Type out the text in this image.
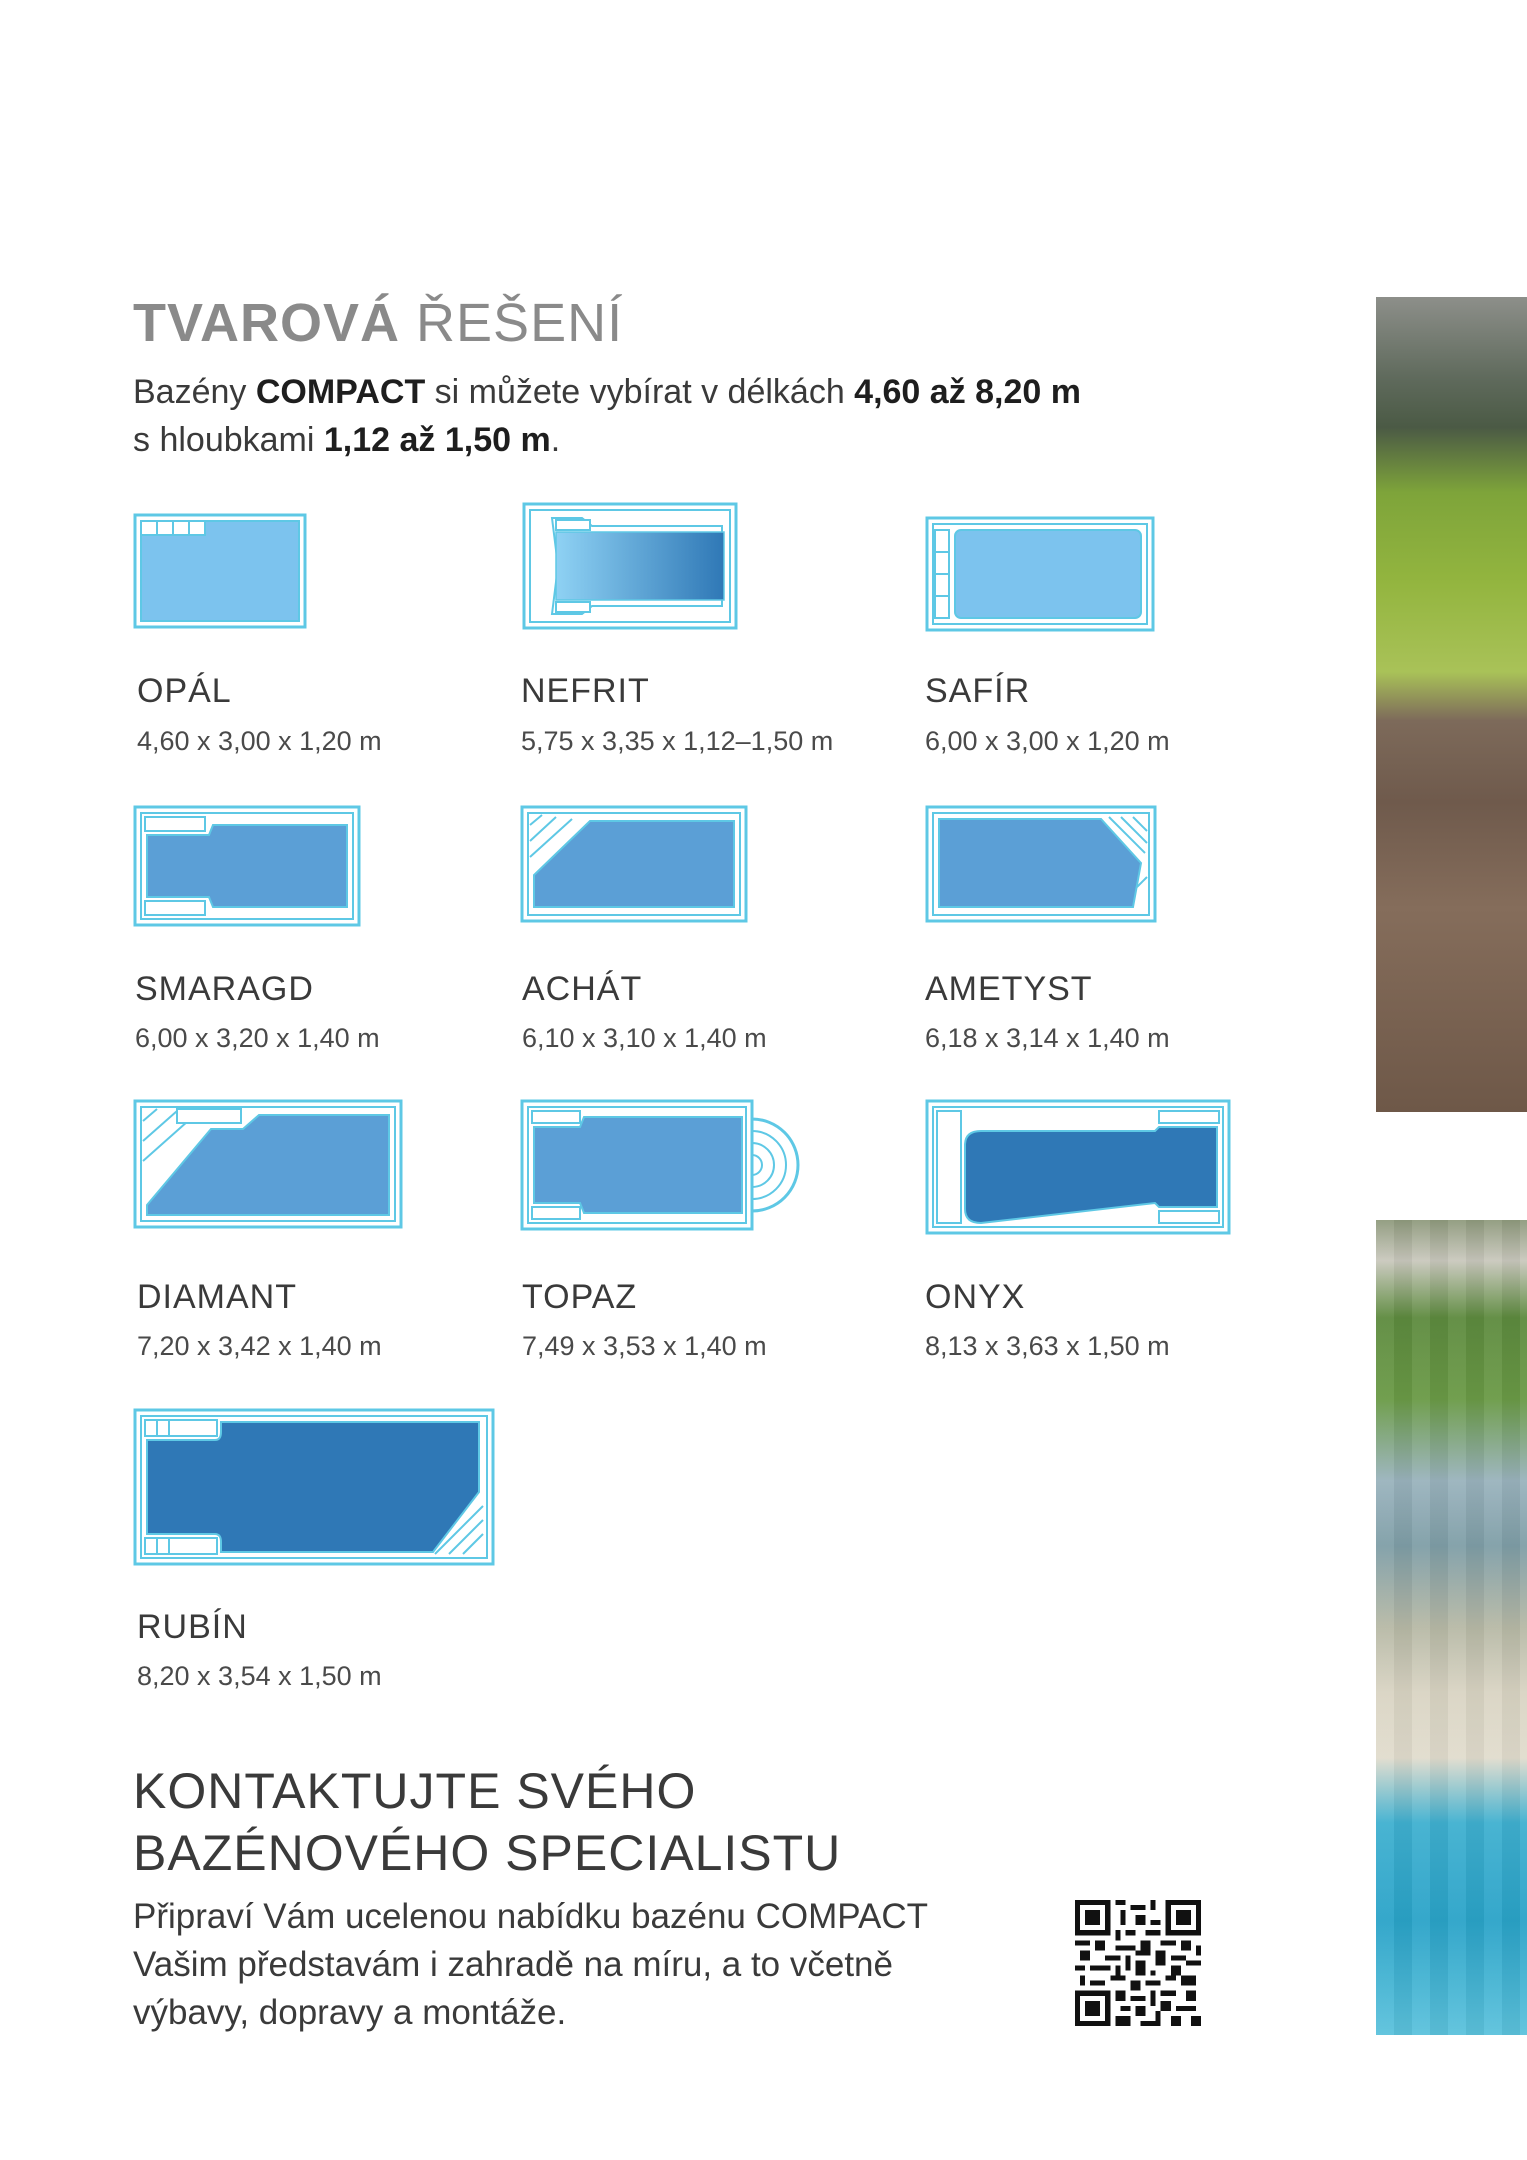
TVAROVÁ ŘEŠENÍ
Bazény COMPACT si můžete vybírat v délkách 4,60 až 8,20 m
s hloubkami 1,12 až 1,50 m.
OPÁL
4,60 x 3,00 x 1,20 m
NEFRIT
5,75 x 3,35 x 1,12–1,50 m
SAFÍR
6,00 x 3,00 x 1,20 m
SMARAGD
6,00 x 3,20 x 1,40 m
ACHÁT
6,10 x 3,10 x 1,40 m
AMETYST
6,18 x 3,14 x 1,40 m
DIAMANT
7,20 x 3,42 x 1,40 m
TOPAZ
7,49 x 3,53 x 1,40 m
ONYX
8,13 x 3,63 x 1,50 m
RUBÍN
8,20 x 3,54 x 1,50 m
KONTAKTUJTE SVÉHO
BAZÉNOVÉHO SPECIALISTU
Připraví Vám ucelenou nabídku bazénu COMPACT
Vašim představám i zahradě na míru, a to včetně
výbavy, dopravy a montáže.
